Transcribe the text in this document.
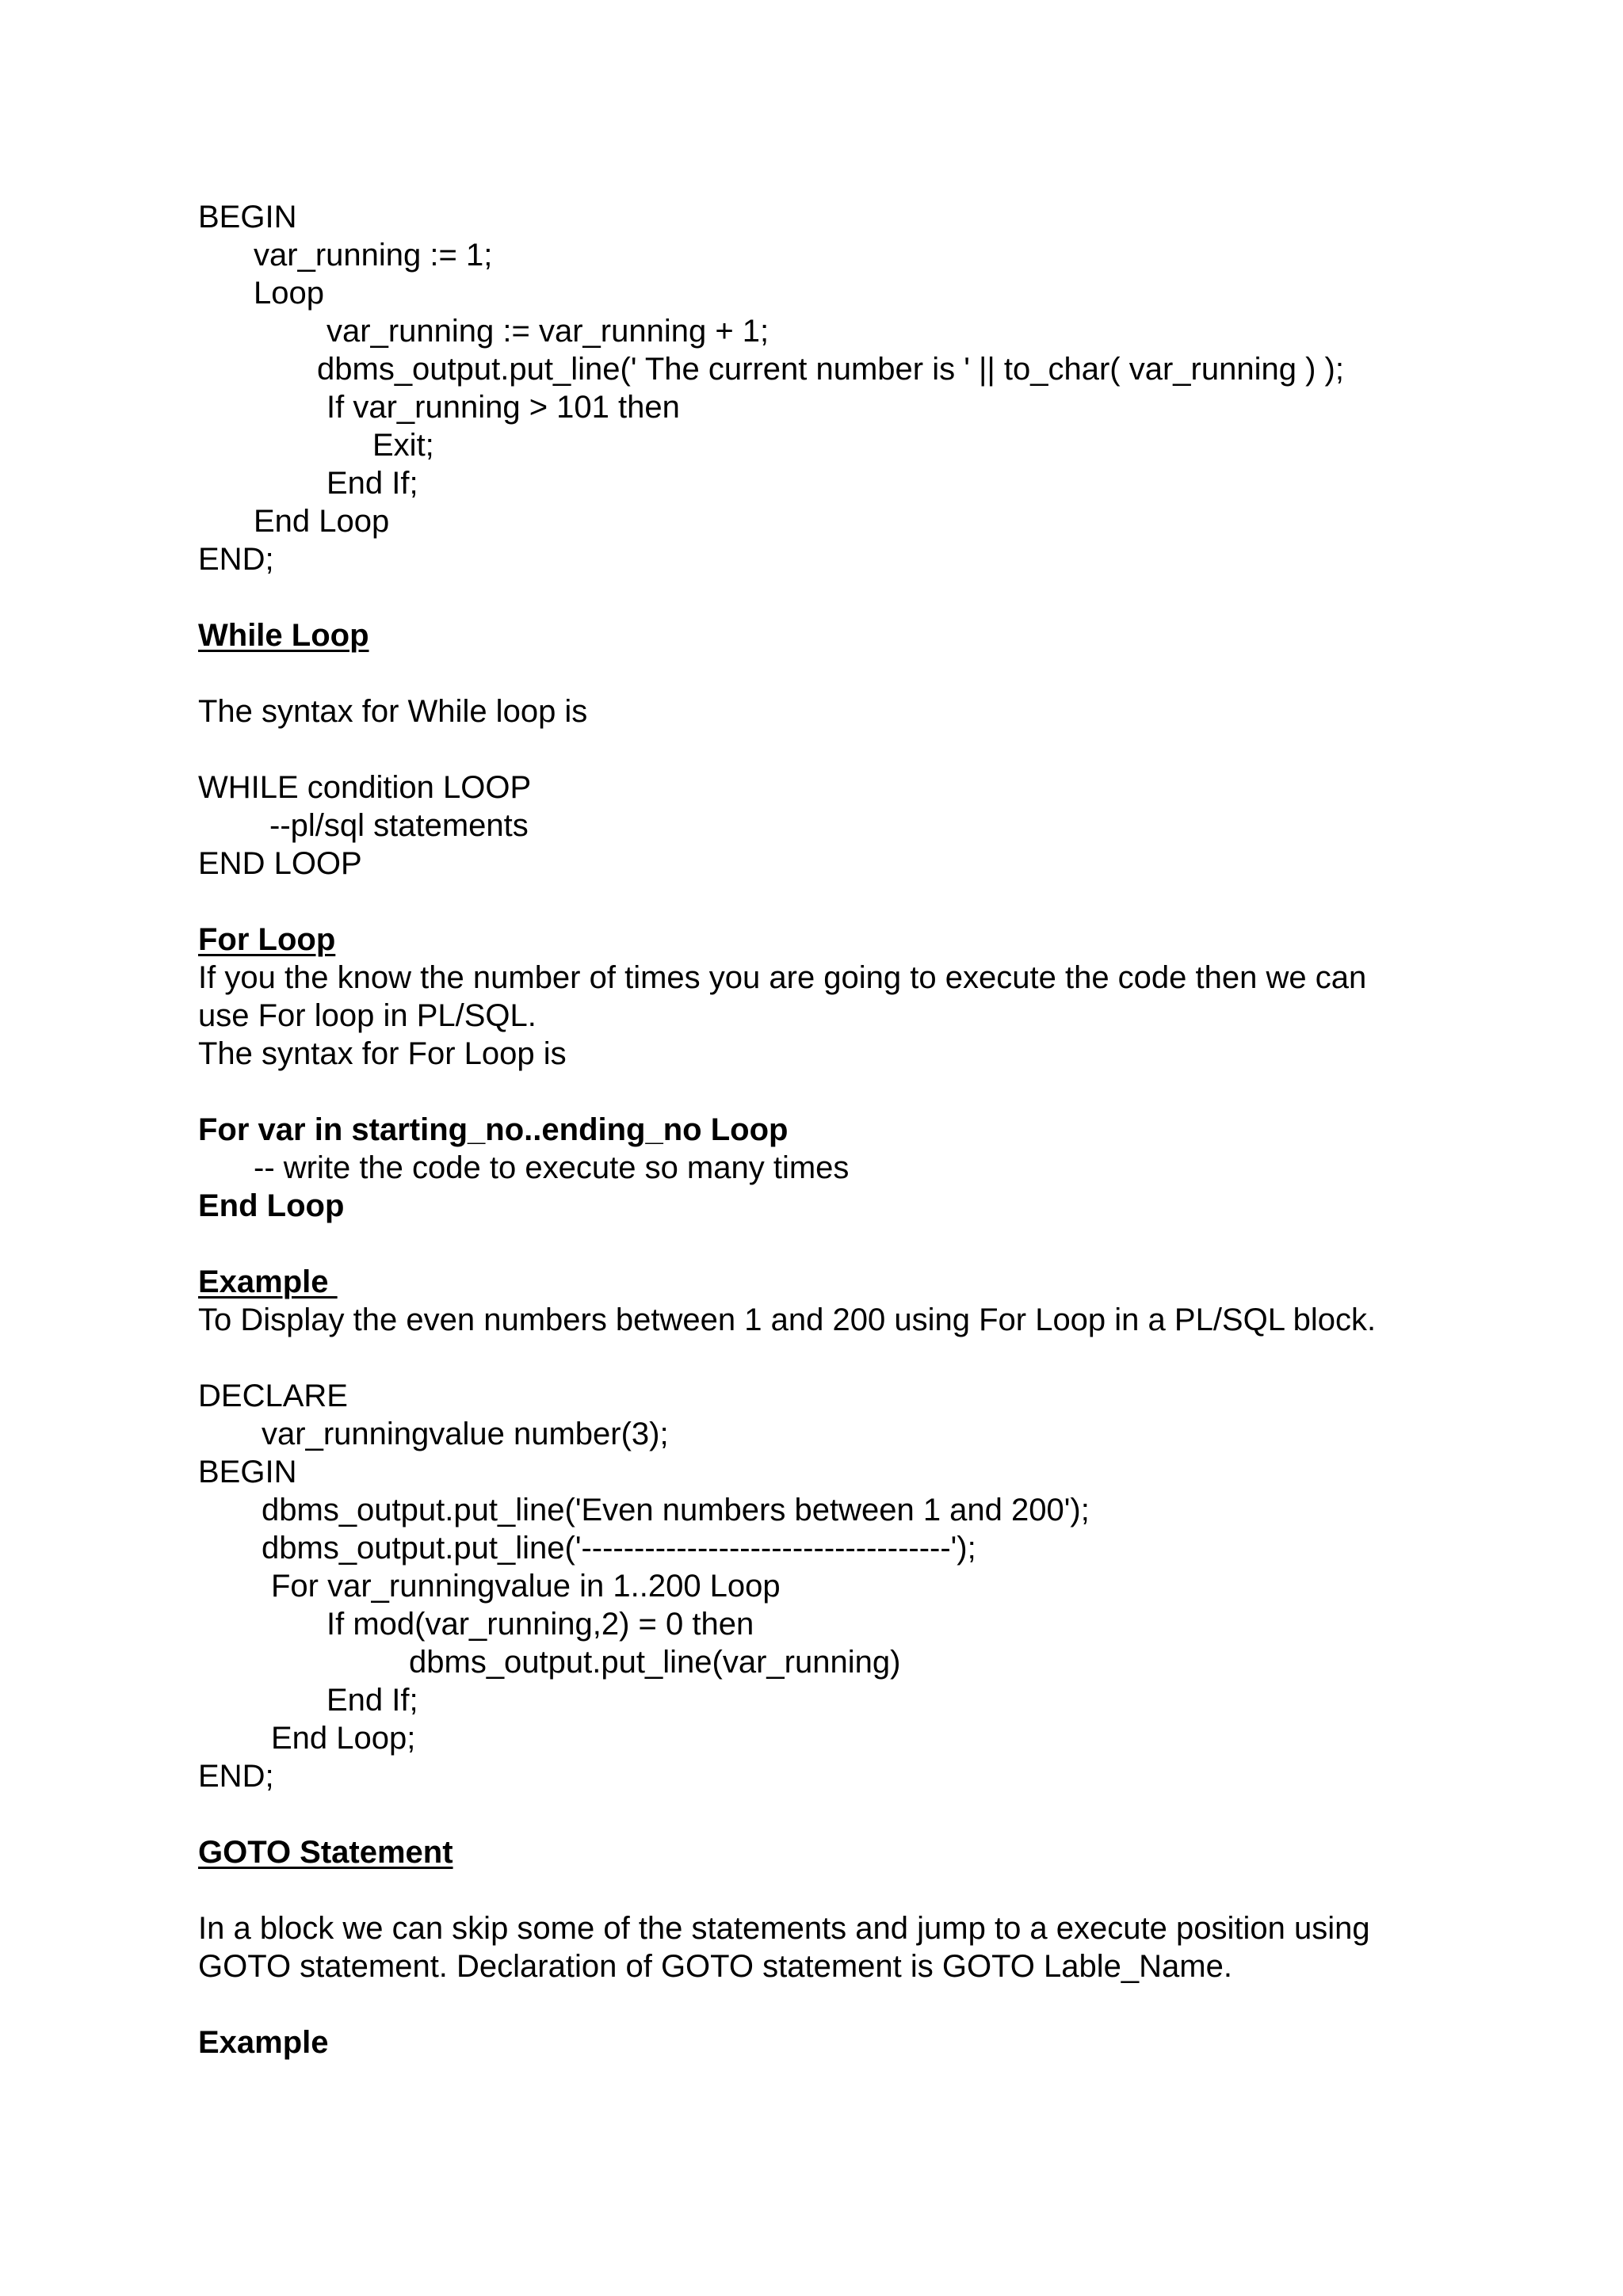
BEGIN
var_running := 1;
Loop
var_running := var_running + 1;
dbms_output.put_line(' The current number is ' || to_char( var_running ) );
If var_running > 101 then
Exit;
End If;
End Loop
END;
While Loop
The syntax for While loop is
WHILE condition LOOP
--pl/sql statements
END LOOP
For Loop
If you the know the number of times you are going to execute the code then we can
use For loop in PL/SQL.
The syntax for For Loop is
For var in starting_no..ending_no Loop
-- write the code to execute so many times
End Loop
Example
To Display the even numbers between 1 and 200 using For Loop in a PL/SQL block.
DECLARE
var_runningvalue number(3);
BEGIN
dbms_output.put_line('Even numbers between 1 and 200');
dbms_output.put_line('-----------------------------------');
For var_runningvalue in 1..200 Loop
If mod(var_running,2) = 0 then
dbms_output.put_line(var_running)
End If;
End Loop;
END;
GOTO Statement
In a block we can skip some of the statements and jump to a execute position using
GOTO statement. Declaration of GOTO statement is GOTO Lable_Name.
Example
